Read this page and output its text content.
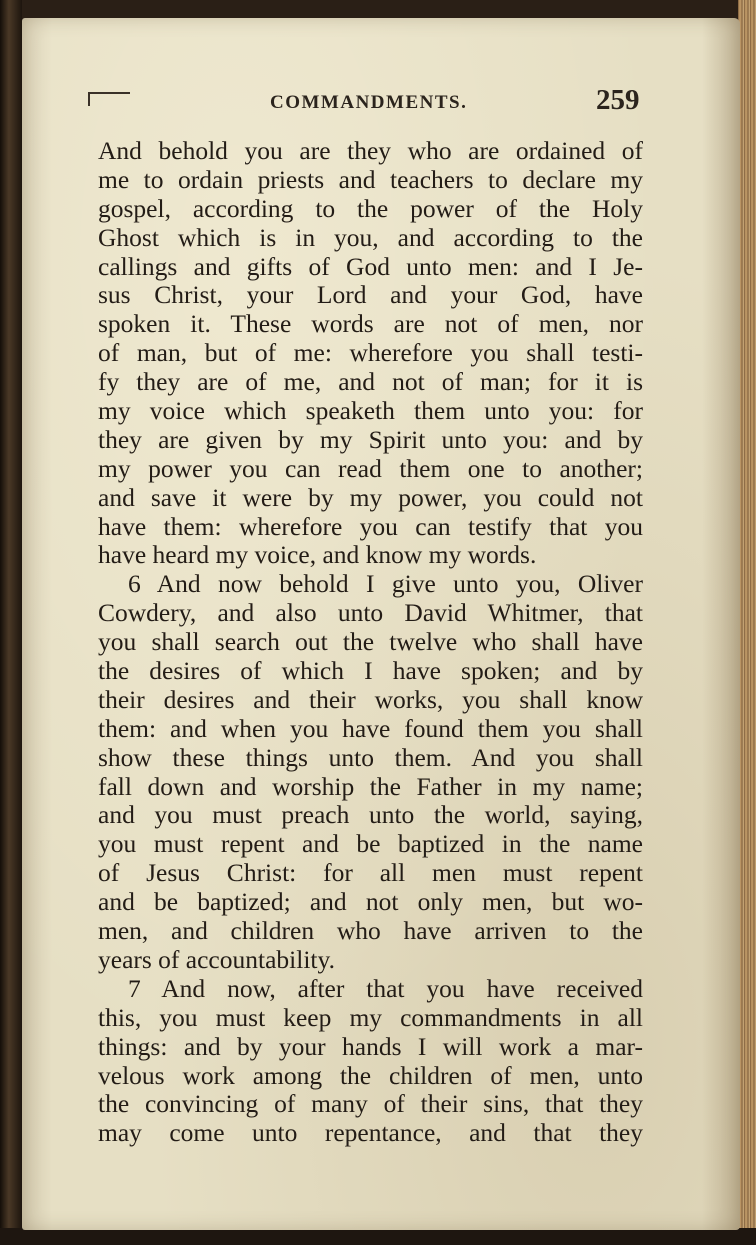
COMMANDMENTS.	259
And behold you are they who are ordained of
me to ordain priests and teachers to declare my
gospel, according to the power of the Holy
Ghost which is in you, and according to the
callings and gifts of God unto men: and I Je-
sus Christ, your Lord and your God, have
spoken it. These words are not of men, nor
of man, but of me: wherefore you shall testi-
fy they are of me, and not of man; for it is
my voice which speaketh them unto you: for
they are given by my Spirit unto you: and by
my power you can read them one to another;
and save it were by my power, you could not
have them: wherefore you can testify that you
have heard my voice, and know my words.
6 And now behold I give unto you, Oliver
Cowdery, and also unto David Whitmer, that
you shall search out the twelve who shall have
the desires of which I have spoken; and by
their desires and their works, you shall know
them: and when you have found them you shall
show these things unto them. And you shall
fall down and worship the Father in my name;
and you must preach unto the world, saying,
you must repent and be baptized in the name
of Jesus Christ: for all men must repent
and be baptized; and not only men, but wo-
men, and children who have arriven to the
years of accountability.
7 And now, after that you have received
this, you must keep my commandments in all
things: and by your hands I will work a mar-
velous work among the children of men, unto
the convincing of many of their sins, that they
may come unto repentance, and that they
